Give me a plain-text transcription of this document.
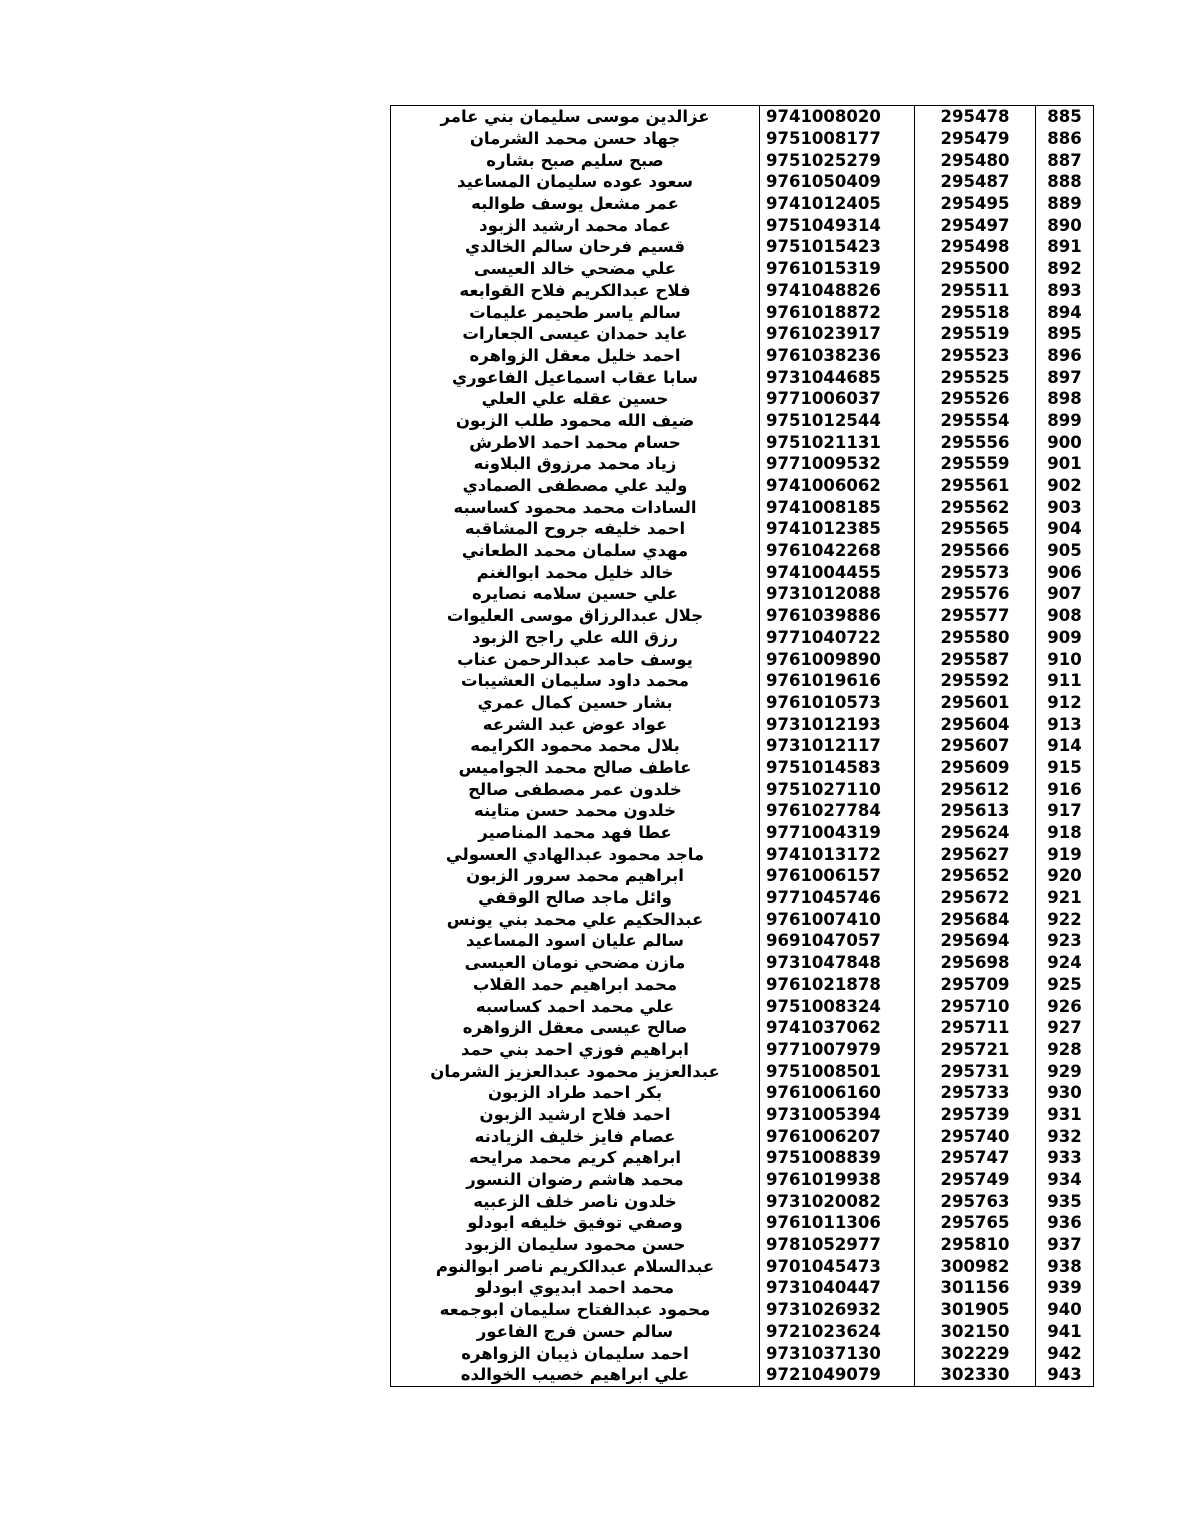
عزالدين موسى سليمان بني عامر	9741008020	295478	885
جهاد حسن محمد الشرمان	9751008177	295479	886
صبح سليم صبح بشاره	9751025279	295480	887
سعود عوده سليمان المساعيد	9761050409	295487	888
عمر مشعل يوسف طوالبه	9741012405	295495	889
عماد محمد ارشيد الزبود	9751049314	295497	890
قسيم فرحان سالم الخالدي	9751015423	295498	891
علي مضحي خالد العيسى	9761015319	295500	892
فلاح عبدالكريم فلاح القوابعه	9741048826	295511	893
سالم ياسر طحيمر عليمات	9761018872	295518	894
عايد حمدان عيسى الجعارات	9761023917	295519	895
احمد خليل معقل الزواهره	9761038236	295523	896
سابا عقاب اسماعيل الفاعوري	9731044685	295525	897
حسين عقله علي العلي	9771006037	295526	898
ضيف الله محمود طلب الزبون	9751012544	295554	899
حسام محمد احمد الاطرش	9751021131	295556	900
زياد محمد مرزوق البلاونه	9771009532	295559	901
وليد علي مصطفى الصمادي	9741006062	295561	902
السادات محمد محمود كساسبه	9741008185	295562	903
احمد خليفه جروح المشاقبه	9741012385	295565	904
مهدي سلمان محمد الطعاني	9761042268	295566	905
خالد خليل محمد ابوالغنم	9741004455	295573	906
علي حسين سلامه نصايره	9731012088	295576	907
جلال عبدالرزاق موسى العليوات	9761039886	295577	908
رزق الله علي راجح الزبود	9771040722	295580	909
يوسف حامد عبدالرحمن عناب	9761009890	295587	910
محمد داود سليمان العشيبات	9761019616	295592	911
بشار حسين كمال عمري	9761010573	295601	912
عواد عوض عبد الشرعه	9731012193	295604	913
بلال محمد محمود الكرايمه	9731012117	295607	914
عاطف صالح محمد الجواميس	9751014583	295609	915
خلدون عمر مصطفى صالح	9751027110	295612	916
خلدون محمد حسن متاينه	9761027784	295613	917
عطا فهد محمد المناصير	9771004319	295624	918
ماجد محمود عبدالهادي العسولي	9741013172	295627	919
ابراهيم محمد سرور الزبون	9761006157	295652	920
وائل ماجد صالح الوقفي	9771045746	295672	921
عبدالحكيم علي محمد بني يونس	9761007410	295684	922
سالم عليان اسود المساعيد	9691047057	295694	923
مازن مضحي نومان العيسى	9731047848	295698	924
محمد ابراهيم حمد القلاب	9761021878	295709	925
علي محمد احمد كساسبه	9751008324	295710	926
صالح عيسى معقل الزواهره	9741037062	295711	927
ابراهيم فوزي احمد بني حمد	9771007979	295721	928
عبدالعزيز محمود عبدالعزيز الشرمان	9751008501	295731	929
بكر احمد طراد الزبون	9761006160	295733	930
احمد فلاح ارشيد الزبون	9731005394	295739	931
عصام فايز خليف الزيادنه	9761006207	295740	932
ابراهيم كريم محمد مرايحه	9751008839	295747	933
محمد هاشم رضوان النسور	9761019938	295749	934
خلدون ناصر خلف الزعبيه	9731020082	295763	935
وصفي توفيق خليفه ابودلو	9761011306	295765	936
حسن محمود سليمان الزبود	9781052977	295810	937
عبدالسلام عبدالكريم ناصر ابوالنوم	9701045473	300982	938
محمد احمد ابديوي ابودلو	9731040447	301156	939
محمود عبدالفتاح سليمان ابوجمعه	9731026932	301905	940
سالم حسن فرج الفاعور	9721023624	302150	941
احمد سليمان ذيبان الزواهره	9731037130	302229	942
علي ابراهيم خصيب الخوالده	9721049079	302330	943
